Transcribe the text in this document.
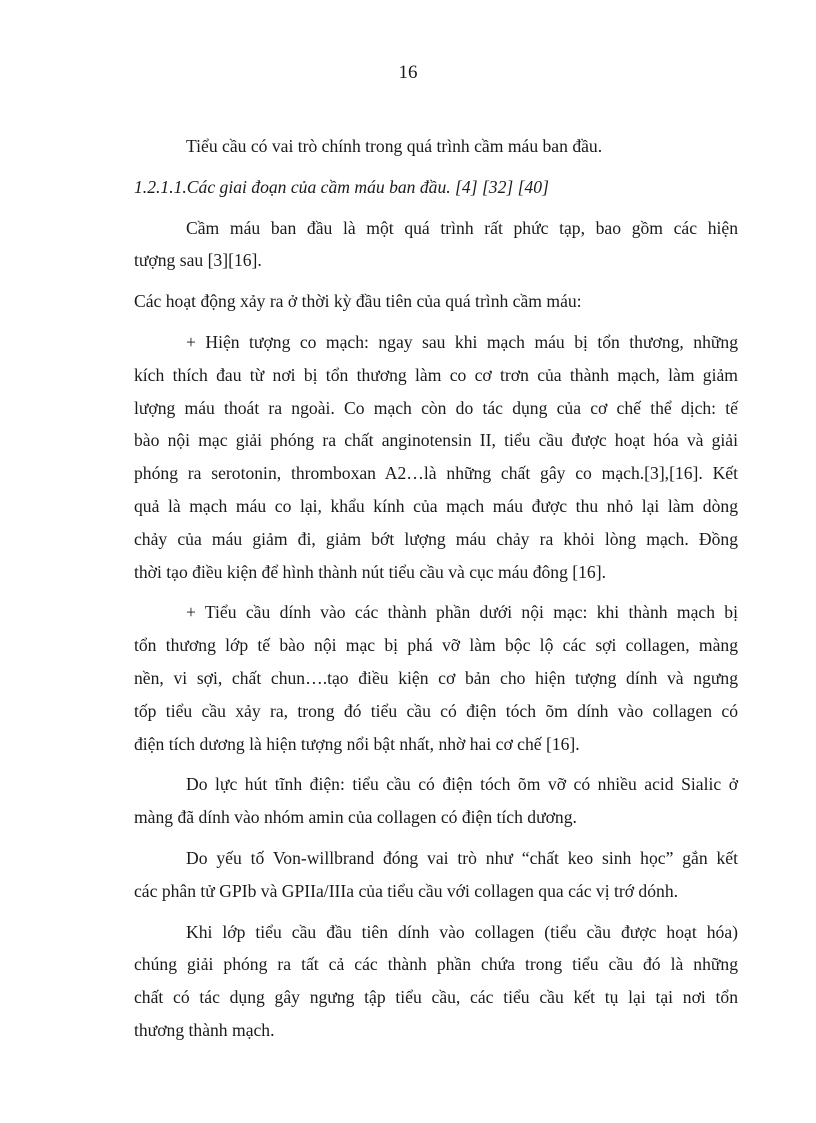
16
Tiểu cầu có vai trò chính trong quá trình cầm máu ban đầu.
1.2.1.1.Các giai đoạn của cầm máu ban đầu. [4] [32] [40]
Cầm máu ban đầu là một quá trình rất phức tạp, bao gồm các hiện
tượng sau [3][16].
Các hoạt động xảy ra ở thời kỳ đầu tiên của quá trình cầm máu:
+ Hiện tượng co mạch: ngay sau khi mạch máu bị tổn thương, những
kích thích đau từ nơi bị tổn thương làm co cơ trơn của thành mạch, làm giảm
lượng máu thoát ra ngoài. Co mạch còn do tác dụng của cơ chế thể dịch: tế
bào nội mạc giải phóng ra chất anginotensin II, tiểu cầu được hoạt hóa và giải
phóng ra serotonin, thromboxan A2…là những chất gây co mạch.[3],[16]. Kết
quả là mạch máu co lại, khẩu kính của mạch máu được thu nhỏ lại làm dòng
chảy của máu giảm đi, giảm bớt lượng máu chảy ra khỏi lòng mạch. Đồng
thời tạo điều kiện để hình thành nút tiểu cầu và cục máu đông [16].
+ Tiểu cầu dính vào các thành phần dưới nội mạc: khi thành mạch bị
tổn thương lớp tế bào nội mạc bị phá vỡ làm bộc lộ các sợi collagen, màng
nền, vi sợi, chất chun….tạo điều kiện cơ bản cho hiện tượng dính và ngưng
tốp tiểu cầu xảy ra, trong đó tiểu cầu có điện tóch õm dính vào collagen có
điện tích dương là hiện tượng nổi bật nhất, nhờ hai cơ chế [16].
Do lực hút tĩnh điện: tiểu cầu có điện tóch õm vỡ có nhiều acid Sialic ở
màng đã dính vào nhóm amin của collagen có điện tích dương.
Do yếu tố Von-willbrand đóng vai trò như “chất keo sinh học” gắn kết
các phân tử GPIb và GPIIa/IIIa của tiểu cầu với collagen qua các vị trớ dónh.
Khi lớp tiểu cầu đầu tiên dính vào collagen (tiểu cầu được hoạt hóa)
chúng giải phóng ra tất cả các thành phần chứa trong tiểu cầu đó là những
chất có tác dụng gây ngưng tập tiểu cầu, các tiểu cầu kết tụ lại tại nơi tổn
thương thành mạch.
